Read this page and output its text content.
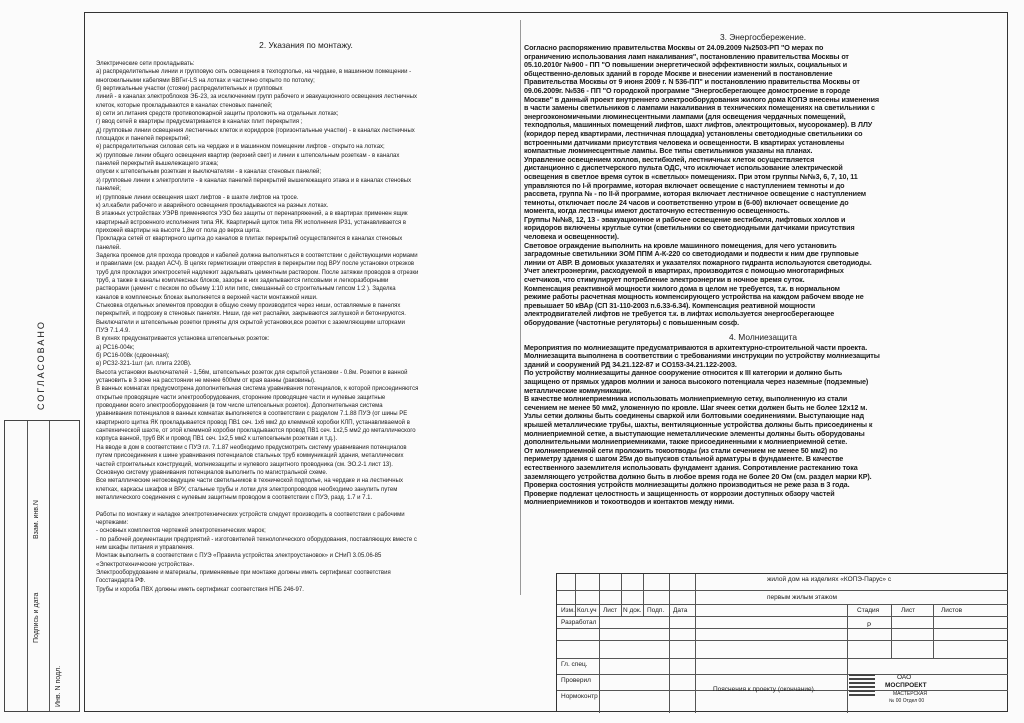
СОГЛАСОВАНО
Взам. инв.N
Подпись и дата
Инв. N подл.
2. Указания по монтажу.
Электрические сети прокладывать:
а) распределительные линии и групповую сеть освещения в техподполье, на чердаке, в машинном помещении -
многожильными кабелями ВВГнг-LS на лотках и частично открыто по потолку;
б) вертикальные участки (стояки) распределительных и групповых
линий - в каналах электроблоков ЭБ-23, за исключением групп рабочего и эвакуационного освещения лестничных
клеток, которые прокладываются в каналах стеновых панелей;
в) сети эл.питания средств противопожарной защиты проложить на отдельных лотках;
г) ввод сетей в квартиры предусматривается в каналах плит перекрытия ;
д) групповые линии освещения лестничных клеток и коридоров (горизонтальные участки) - в каналах лестничных
площадок и панелей перекрытий;
е) распределительная силовая сеть на чердаке и в машинном помещении лифтов - открыто на лотках;
ж) групповые линии общего освещения квартир (верхний свет) и линии к штепсельным розеткам - в каналах
панелей перекрытий вышележащего этажа;
опуски к штепсельным розеткам и выключателям - в каналах стеновых панелей;
з) групповые линии к электроплите - в каналах панелей перекрытий вышележащего этажа и в каналах стеновых
панелей;
и) групповые линии освещения шахт лифтов - в шахте лифтов на тросе.
к) эл.кабели рабочего и аварийного освещения прокладываются на разных лотках.
В этажных устройствах УЭРВ применяются УЗО без защиты от перенапряжений, а в квартирах применен ящик
квартирный встроенного исполнения типа ЯК. Квартирный щиток типа ЯК исполнения IP31, устанавливается в
прихожей квартиры на высоте 1,8м от пола до верха щита.
Прокладка сетей от квартирного щитка до каналов в плитах перекрытий осуществляется в каналах стеновых
панелей.
Заделка проемов для прохода проводов и кабелей должна выполняться в соответствии с действующими нормами
и правилами (см. раздел АСЧ). В целях герметизации отверстия в перекрытии под ВРУ после установки отрезков
труб для прокладки электросетей надлежит заделывать цементным раствором. После затяжки проводов в отрезки
труб, а также в каналы комплексных блоков, зазоры в них заделываются гипсовыми и легкоразборными
растворами (цемент с песком по объему 1:10 или гипс, смешанный со строительным гипсом 1:2 ). Заделка
каналов в комплексных блоках выполняется в верхней части монтажной ниши.
Стыковка отдельных элементов проводки в общую схему производится через ниши, оставляемые в панелях
перекрытий, и подрозку в стеновых панелях. Ниши, где нет распайки, закрываются заглушкой и бетонируются.
Выключатели и штепсельные розетки приняты для скрытой установки,все розетки с заземляющими шторками
ПУЭ 7.1.4.9.
В кухнях предусматривается установка штепсельных розеток:
а) РС16-004к;
б) РС16-008к (сдвоенная);
в) РС32-321-1шт (эл. плита 220В).
Высота установки выключателей - 1,56м, штепсельных розеток для скрытой установки - 0.8м. Розетки в ванной
установить в 3 зоне на расстоянии не менее 600мм от края ванны (раковины).
В ванных комнатах предусмотрена дополнительная система уравнивания потенциалов, к которой присоединяются
открытые проводящие части электрооборудования, сторонние проводящие части и нулевые защитные
проводники всего электрооборудования (в том числе штепсельных розеток). Дополнительная система
уравнивания потенциалов в ванных комнатах выполняется в соответствии с разделом 7.1.88 ПУЭ (от шины РЕ
квартирного щитка ЯК прокладывается провод ПВ1 сеч. 1х6 мм2 до клеммной коробки КЛП, устанавливаемой в
сантехнической шахте, от этой клеммной коробки прокладываются провод ПВ1 сеч. 1х2,5 мм2 до металлического
корпуса ванной, труб ВК и провод ПВ1 сеч. 1х2,5 мм2 к штепсельным розеткам и т.д.).
На вводе в дом в соответствии с ПУЭ гл. 7.1.87 необходимо предусмотреть систему уравнивания потенциалов
путем присоединения к шине уравнивания потенциалов стальных труб коммуникаций здания, металлических
частей строительных конструкций, молниезащиты и нулевого защитного проводника (см. ЭО.2-1 лист 13).
Основную систему уравнивания потенциалов выполнить по магистральной схеме.
Все металлические нетоковедущие части светильников в технической подполье, на чердаке и на лестничных
клетках, каркасы шкафов и ВРУ, стальные трубы и лотки для электропроводов необходимо занулить путем
металлического соединения с нулевым защитным проводом в соответствии с ПУЭ, разд. 1.7 и 7.1.

Работы по монтажу и наладке электротехнических устройств следует производить в соответствии с рабочими
чертежами:
- основных комплектов чертежей электротехнических марок;
- по рабочей документации предприятий - изготовителей технологического оборудования, поставляющих вместе с
ним шкафы питания и управления.
Монтаж выполнить в соответствии с ПУЭ «Правила устройства электроустановок» и СНиП 3.05.06-85
«Электротехнические устройства».
Электрооборудование и материалы, применяемые при монтаже должны иметь сертификат соответствия
Госстандарта РФ.
Трубы и короба ПВХ должны иметь сертификат соответствия НПБ 246-97.
3. Энергосбережение.
Согласно распоряжению правительства Москвы от 24.09.2009 №2503-РП "О мерах по
ограничению использования ламп накаливания", постановлению правительства Москвы от
05.10.2010г №900 - ПП "О повышении энергетической эффективности жилых, социальных и
общественно-деловых зданий в городе Москве и внесении изменений в постановление
Правительства Москвы от 9 июня 2009 г. N 536-ПП" и постановлению правительства Москвы от
09.06.2009г. №536 - ПП "О городской программе "Энергосберегающее домостроение в городе
Москве" в данный проект внутреннего электрооборудования жилого дома КОПЭ внесены изменения
в части замены светильников с лампами накаливания в технических помещениях на светильники с
энергоэкономичными люминесцентными лампами (для освещения чердачных помещений,
техподполья, машинных помещений лифтов, шахт лифтов, электрощитовых, мусорокамер). В ЛЛУ
(коридор перед квартирами, лестничная площадка) установлены светодиодные светильники со
встроенными датчиками присутствия человека и освещенности. В квартирах установлены
компактные люминесцентные лампы. Все типы светильников указаны на планах.
Управление освещением холлов, вестибюлей, лестничных клеток осуществляется
дистанционно с диспетчерского пульта ОДС, что исключает использование электрической
освещения в светлое время суток в «светлых» помещениях. При этом группы №№3, 6, 7, 10, 11
управляются по I-й программе, которая включает освещение с наступлением темноты и до
рассвета, группа № - по II-й программе, которая включает лестничное освещение с наступлением
темноты, отключает после 24 часов и соответственно утром в (6-00) включает освещение до
момента, когда лестницы имеют достаточную естественную освещенность.
Группы №№8, 12, 13 - эвакуационное и рабочее освещение вестибюля, лифтовых холлов и
коридоров включены круглые сутки (светильники со светодиодными датчиками присутствия
человека и освещенности).
Световое ограждение выполнить на кровле машинного помещения, для чего установить
заградомные светильники ЗОМ ППМ А-К-220 со светодиодами и подвести к ним две групповые
линии от АВР. В домовых указателях и указателях пожарного гидранта используются светодиоды.
Учет электроэнергии, расходуемой в квартирах, производится с помощью многотарифных
счетчиков, что стимулирует потребление электроэнергии в ночное время суток.
Компенсация реактивной мощности жилого дома в целом не требуется, т.к. в нормальном
режиме работы расчетная мощность компенсирующего устройства на каждом рабочем вводе не
превышает 50 кВАр (СП 31-110-2003 п.6.33-6.34). Компенсация реативной мощности
электродвигателей лифтов не требуется т.к. в лифтах используется энергосберегающее
оборудование (частотные регуляторы) с повышенным cosф.
4. Молниезащита
Мероприятия по молниезащите предусматриваются в архитектурно-строительной части проекта.
Молниезащита выполнена в соответствии с требованиями инструкции по устройству молниезащиты
зданий и сооружений РД 34.21.122-87 и СО153-34.21.122-2003.
По устройству молниезащиты данное сооружение относится к III категории и должно быть
защищено от прямых ударов молнии и заноса высокого потенциала через наземные (подземные)
металлические коммуникации.
В качестве молниеприемника использовать молниеприемную сетку, выполненную из стали
сечением не менее 50 мм2, уложенную по кровле. Шаг ячеек сетки должен быть не более 12х12 м.
Узлы сетки должны быть соединены сваркой или болтовыми соединениями. Выступающие над
крышей металлические трубы, шахты, вентиляционные устройства должны быть присоединены к
молниеприемной сетке, а выступающие неметаллические элементы должны быть оборудованы
дополнительными молниеприемниками, также присоединенными к молниеприемной сетке.
От молниеприемной сети проложить токоотводы (из стали сечением не менее 50 мм2) по
периметру здания с шагом 25м до выпусков стальной арматуры в фундаменте. В качестве
естественного заземлителя использовать фундамент здания. Сопротивление растеканию тока
заземляющего устройства должно быть в любое время года не более 20 Ом (см. раздел марки КР).
Проверка состояния устройств молниезащиты должно производиться не реже раза в 3 года.
Проверке подлежат целостность и защищенность от коррозии доступных обзору частей
молниеприемников и токоотводов и контактов между ними.
жилой дом на изделиях «КОПЭ-Парус» с
первым жилым этажом
Изм. Кол.уч Лист N док. Подп. Дата
Разработал
Гл. спец.
Проверил
Нормоконтр
Стадия	Лист	Листов
Р
Пояснения к проекту (окончание).
ОАО
МОСПРОЕКТ
МАСТЕРСКАЯ
№ 00 Отдел 00
